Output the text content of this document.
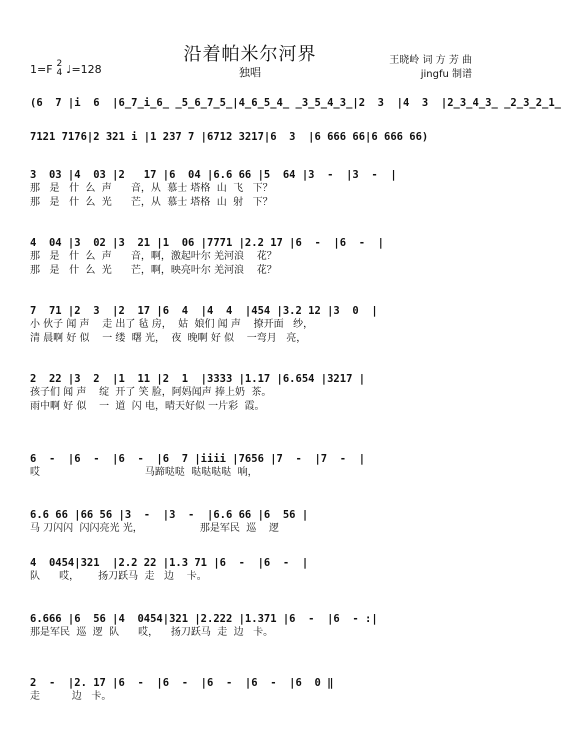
沿着帕米尔河界
独唱
1=F 2
4 ♩=128
王晓岭 词 方 芳 曲
jingfu 制谱
(6  7 |i  6  |6̲7̲i̲6̲ ̲5̲6̲7̲5̲|4̲6̲5̲4̲ ̲3̲5̲4̲3̲|2  3  |4  3  |2̲3̲4̲3̲ ̲2̲3̲2̲1̲
7121 7176|2 321 i |1 237 7 |6712 3217|6  3  |6 666 66|6 666 66)
3  03 |4  03 |2   17 |6  04 |6.6 66 |5  64 |3  -  |3  -  |
那   是   什  么  声      音，从  慕士 塔格  山  飞   下？
那   是   什  么  光      芒，从  慕士 塔格  山  射   下？
4  04 |3  02 |3  21 |1  06 |7771 |2.2 17 |6  -  |6  -  |
那   是   什  么  声      音，啊，激起叶尔 羌河浪    花？
那   是   什  么  光      芒，啊，映亮叶尔 羌河浪    花？
7  71 |2  3  |2  17 |6  4  |4  4  |454 |3.2 12 |3  0  |
小 伙子 闻 声    走 出了 毡 房，  姑  娘们 闻 声    撩开面   纱，
清 晨啊 好 似    一 缕  曙 光，  夜  晚啊 好 似    一弯月   亮，
2  22 |3  2  |1  11 |2  1  |3333 |1.17 |6.654 |3217 |
孩子们 闻 声    绽  开了 笑 脸，阿妈闻声 捧上奶  茶。
雨中啊 好 似    一  道  闪 电，晴天好似 一片彩  霞。
6  -  |6  -  |6  -  |6  7 |iiii |7656 |7  -  |7  -  |
哎                                 马蹄哒哒  哒哒哒哒  响，
6.6 66 |66 56 |3  -  |3  -  |6.6 66 |6  56 |
马 刀闪闪  闪闪亮光 光，                  那是军民  巡    逻
4  0454|321  |2.2 22 |1.3 71 |6  -  |6  -  |
队      哎，      扬刀跃马  走   边    卡。
6.666 |6  56 |4  0454|321 |2.222 |1.371 |6  -  |6  - :|
那是军民  巡  逻  队      哎，    扬刀跃马  走  边   卡。
2  -  |2. 17 |6  -  |6  -  |6  -  |6  -  |6  0 ‖
走          边   卡。
